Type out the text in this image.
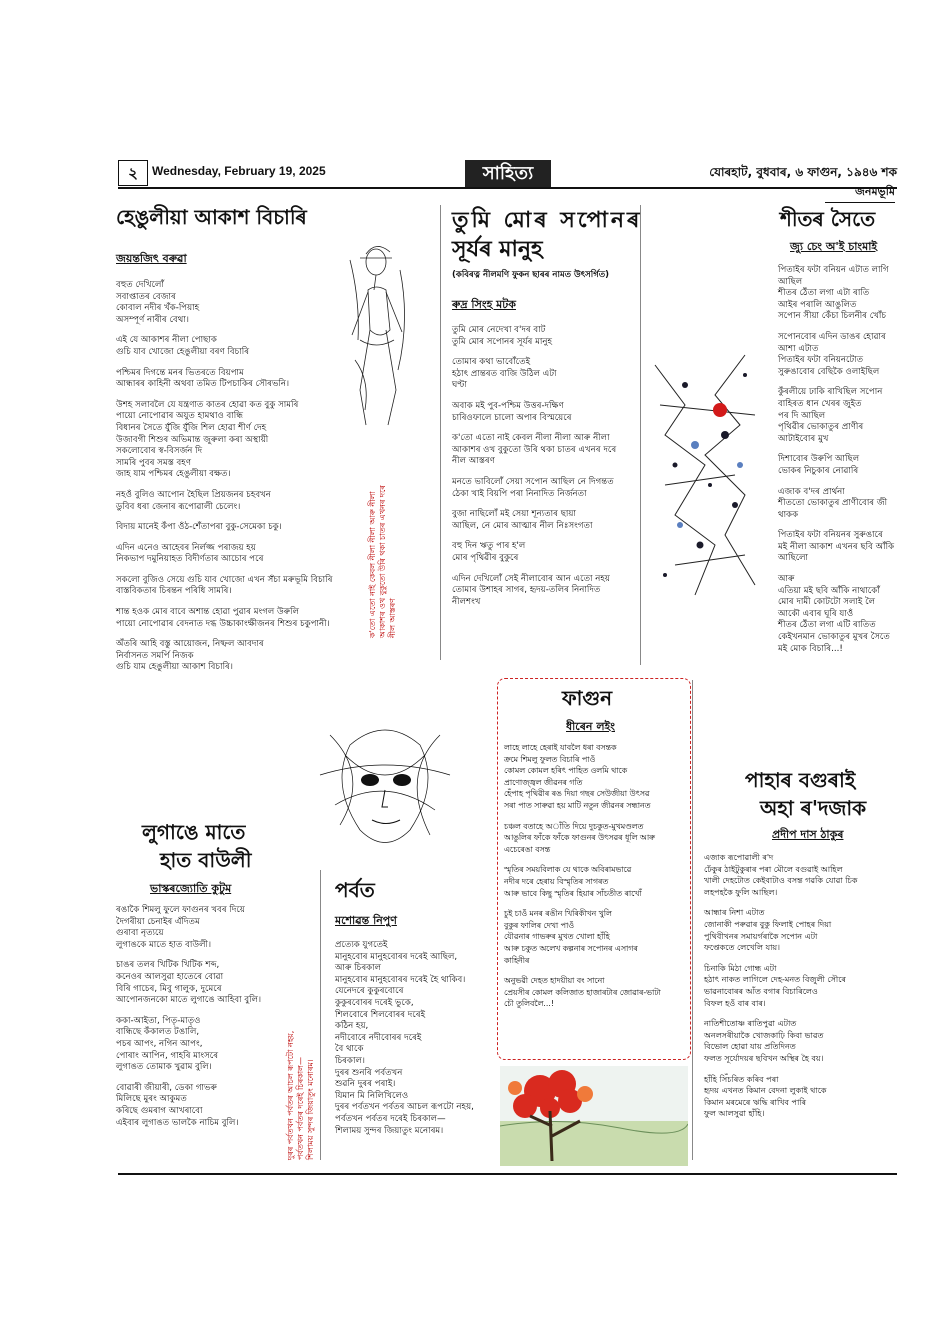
২	Wednesday, February 19, 2025	সাহিত্য	যোৰহাট, বুধবাৰ, ৬ ফাগুন, ১৯৪৬ শক
জনমভূমি
হেঙুলীয়া আকাশ বিচাৰি
জয়ন্তজিৎ বৰুৱা
বহুত দেখিলোঁ
সবাপ্তাতৰ বেজাৰ
কোবাল নদীৰ খঁক-পিয়াহ
অসম্পূৰ্ণ নাৰীৰ বেথা।
এই যে আকাশৰ নীলা পোছাক
গুচি যাব খোজো হেঙুলীয়া বৰণ বিচাৰি
পশ্চিমৰ দিগন্তে মনৰ ভিতৰতে বিয়পাম
আন্ধাৰৰ কাহিনী অথবা তমিত টিপচাকিৰ সৌৰভনি।
উশহ সলাবলৈ যে যন্ত্ৰণাত কাতৰ হোৱা কত বুকু সামৰি
পায়ো নোপোৱাৰ অযুত হামথাও বান্ধি
বিধানৰ সৈতে যুঁজি যুঁজি শিল হোৱা শীৰ্ণ দেহ
উজাবগী শিশুৰ অভিমান্ত জুৰুলা কৰা অস্থায়ী
সকলোবোৰ স্ব-বিসৰ্জন দি
সামৰি পুবৰ সমস্ত বহণ
জাহ যাম পশ্চিমৰ হেঙুলীয়া বক্ষত।
নহওঁ বুলিও আপোন হৈছিল প্ৰিয়জনৰ চহবখন
ডুবিব ধৰা জেনাৰ ৰূপোৱালী চেলেং।
বিদায় মানেই কঁপা ওঁঠ-শেঁতাপৰা বুকু-সেমেকা চকু।
এদিন এনেও আহেবৰ নিৰ্লজ্জ পৰাজয় হয়
নিকভাপ দমুনিয়াহত বিদীৰ্ণতাৰ আচোৰ পৰে
সকলো বুজিও সেয়ে গুচি যাব খোজো এখন সঁচা মৰুভূমি বিচাৰি
বাস্তবিকতাৰ চিৰন্তন পৰিধি সামৰি।
শান্ত হওক মোৰ বাবে অশান্ত হোৱা পুৱাৰ মংগল উৰুলি
পায়ো নোপোৱাৰ বেদনাত দগ্ধ উচ্চাকাংক্ষীজনৰ শিশুৰ চকুপানী।
অঁতৰি আহি বস্তু আয়োজন, নিষ্ফল আবদাৰ
নিৰ্বাসনত সমৰ্পি নিজক
গুচি যাম হেঙুলীয়া আকাশ বিচাৰি।
ক'তো এতো নাই কেবল নীলা নীলা আৰু নীলা
আকাশৰ ওখ বুকুতো উৰি থকা চাতৰ এখনৰ দৰে
নীল আস্তৰণ
তুমি মোৰ সপোনৰ
সূৰ্যৰ মানুহ
(কবিৰত্ন নীলমণি ফুকন ছাৰৰ নামত উৎসৰ্গিত)
ৰুদ্ৰ সিংহ মটক
তুমি মোৰ নেদেখা ব'দৰ বাট
তুমি মোৰ সপোনৰ সূৰ্যৰ মানুহ
তোমাৰ কথা ভাবোঁতেই
হঠাৎ প্ৰান্তৰত বাজি উঠিল এটা
ঘণ্টা
অবাক মই পুব-পশ্চিম উত্তৰ-দক্ষিণ
চাৰিওফালে চালো অপাৰ বিস্ময়েৰে
ক'তো এতো নাই কেবল নীলা নীলা আৰু নীলা
আকাশৰ ওখ বুকুতো উৰি থকা চাতৰ এখনৰ দৰে
নীল আস্তৰণ
মনতে ভাবিলোঁ সেয়া সপোন আছিল নে দিগন্তত
ঠেকা খাই বিয়পি পৰা নিনাদিত নিৰ্জনতা
বুজা নাছিলোঁ মই সেয়া শূন্যতাৰ ছায়া
আছিল, নে মোৰ আত্মাৰ নীল নিঃসংগতা
বহু দিন ঋতু পাৰ হ'ল
মোৰ পৃথিৱীৰ বুকুৰে
এদিন দেখিলোঁ সেই নীলাবোৰ আন এতো নহয়
তোমাৰ উশাহৰ সাগৰ, হৃদয়-তলিৰ নিনাদিত
নীলশংখ
শীতৰ সৈতে
জ্যু চেং অ'ই চাংমাই
পিতাইৰ ফটা বনিয়ন এটাত লাগি
আছিল
শীতৰ ঠেঁতা লগা এটা ৰাতি
আইৰ পৰালি আঙুলিত
সপোন সীয়া কেঁচা চিলনীৰ খোঁচ
সপোনবোৰ এদিন ডাঙৰ হোৱাৰ
আশা এটাত
পিতাইৰ ফটা বনিয়নটোত
সুৰুঙাবোৰ বেছিকৈ ওলাইছিল
কুঁৰলীয়ে ঢাকি ৰাখিছিল সপোন
বাহিৰত ধান খেৰৰ জুইত
পৰ দি আছিল
পৃথিৱীৰ ভোকাতুৰ প্ৰাণীৰ
আটাইবোৰ মুখ
দিশাবোৰ উৰুপি আছিল
ভোকৰ নিচুকাৰ নোৱাৰি
এজাক ব'দৰ প্ৰাৰ্থনা
শীততো ভোকাতুৰ প্ৰাণীবোৰ জী
থাকক
পিতাইৰ ফটা বনিয়নৰ সুৰুঙাৰে
মই নীলা আকাশ এখনৰ ছবি আঁকি
আছিলো
আৰু
এতিয়া মই ছবি আঁকি নাথাকোঁ
মোৰ দামী কোটটো সলাই লৈ
আকৌ এবাৰ ঘূৰি যাওঁ
শীতৰ ঠেঁতা লগা এটি ৰাতিত
কেইখনমান ভোকাতুৰ মুখৰ সৈতে
মই মোক বিচাৰি...!
ফাগুন
ধীৰেন লইং
লাহে লাহে হেৰাই যাবলৈ ধৰা বসন্তক
ক্ৰমে শিমলু ফুলত বিচাৰি পাওঁ
কোমল কোমল হৰিৎ পাহিত ওলমি থাকে
প্ৰাণোজ্জ্বল জীৱনৰ গতি
হেঁপাহ পৃথিৱীৰ ৰঙ দিয়া গছৰ সেউজীয়া উৎসৱ
সৰা পাত সাৰুৱা হয় মাটি নতুন জীৱনৰ সন্ধানত
চঞ্চল বতাহে অাঁতি দিয়ে দুচকুত-মুখমণ্ডলত
আঙুলিৰ ফাঁকে ফাঁকে ফাগুনৰ উৎসৱৰ ধূলি আৰু
এচেৰেঙা বসন্ত
স্মৃতিৰ সময়বিলাক যে থাকে অবিৰামভাৱে
নদীৰ দৰে হেৰায় বিস্মৃতিৰ সাগৰত
আৰু ভাবে কিছু স্মৃতিৰ হিয়াৰ সাঁচতীত ৰাখোঁ
চুই চাওঁ মনৰ ৰঙীন খিৰিকীখন খুলি
বুকুৰ ফালিৰ দেখা পাওঁ
যৌৱনাৰ গাভৰুৰ মুখত খোলা হাঁহি
আৰু চকুত অলেখ কল্পনাৰ সপোনৰ এসাগৰ
কাহিনীৰ
অনুভৱী দেহত হাদয়ীয়া বং সানো
প্ৰেয়সীৰ কোমল কলিজাত হাজাৰটাৰ জোৱাৰ-ভাটা
চৌ তুলিবলৈ...!
লুগাঙে মাতে
হাত বাউলী
ভাস্কৰজ্যোতি কুটুম
ৰঙাকৈ শিমলু ফুলে ফাগুনৰ খবৰ দিয়ে
দৈগৰীয়া চেনাইৰ এঁদিতম
গুৰাবা নৃত্যয়ে
লুগাঙকে মাতে হাত বাউলী।
চাঙৰ তলৰ খিটিক খিটিক শব্দ,
কনেওৰ আলসুৱা হাতেৰে বোৱা
বিৰি গাচেৰ, মিবু গালুক, দুমেৰে
আপোনজনকো মাতে লুগাঙে আহিবা বুলি।
ককা-আইতা, পিতৃ-মাতৃও
বান্ধিছে কঁকালত টঙালি,
পচৰ আপং, নগিন আপং,
পোৰাং আপিন, গাহৰি মাংসৰে
লুগাঙত তোমাক খুৱাম বুলি।
বোৱাৰী জীয়াৰী, ডেকা গাভৰু
মিলিছে মুৰং আকুমত
কৰিছে গুমৰাগ আখৰাবো
এইবাৰ লুগাঙত ভালকৈ নাচিম বুলি।
দুৰৰ পৰ্বতখন পৰ্বতৰ আচল ৰূপটো নহয়,
পৰ্বতখন পৰ্বতৰ দৰেই চিৰকাল—
শিলাময় সুন্দৰ জিয়াতুং মনোৰম।
পৰ্বত
মশোৱন্ত নিপুণ
প্ৰত্যেক যুগতেই
মানুহবোৰ মানুহবোৰৰ দৰেই আছিল,
আৰু চিৰকাল
মানুহবোৰ মানুহবোৰৰ দৰেই হৈ থাকিব।
যেনেদৰে কুকুৰবোৰে
কুকুৰবোৰৰ দৰেই ভুকে,
শিলবোৰে শিলবোৰৰ দৰেই
কঠিন হয়,
নদীবোৰে নদীবোৰৰ দৰেই
বৈ থাকে
চিৰকাল।
দুৰৰ শুনৰি পৰ্বতখন
শুৱনি দুৰৰ পৰাই।
যিমান মি নিলিখিলেও
দুৰৰ পৰ্বতখন পৰ্বতৰ আচল ৰূপটো নহয়,
পৰ্বতখন পৰ্বতৰ দৰেই চিৰকাল—
শিলাময় সুন্দৰ জিয়াতুং মনোৰম।
পাহাৰ বগুৰাই
অহা ৰ'দজাক
প্ৰদীপ দাস ঠাকুৰ
এজাক ৰূপোৱালী ৰ'দ
ঢেঁকুৰ ঠাইটুকুৰাৰ পৰা মৌলে বগুৱাই আহিল
খালী দেহটোত কেইবাটাও বসন্ত গৱকি যোৱা চিক
লহপহকৈ ফুলি আছিল।
আন্ধাৰ নিশা এটাত
জোনাকী পৰুৱাৰ বুকু ফিলাই পোহৰ দিয়া
পুথিবীখনৰ সমায়ৰ্গৰাকৈ সপোন এটা
ফপ্তেকতে লেখেলি যায়।
চিনাকি মিঠা গোন্ধ এটা
হঠাৎ নাকত লাগিলে দেহ-মনত বিজুলী সৌৰে
ভাৱনাবোৰৰ আঁত বগাৰ বিচাৰিলেও
বিফল হওঁ বাৰ বাৰ।
নাতিশীতোষ্ণ ৰাতিপুৱা এটাত
অনলসৰীয়াকৈ খোজকাঢ়ি কিবা ভাৱত
বিভোল হোৱা যায় প্ৰতিদিনত
ফলত সূৰ্যোদয়ৰ ছবিখন অস্থিৰ হৈ বয়।
হাঁহি সিঁচৰিত কৰিব পৰা
হৃদয় এখনত কিমান বেদনা লুকাই থাকে
কিমান মৰমেৰে ঋদ্ধি ৰাখিব পাৰি
ফুল আলসুৱা হাঁহি।
